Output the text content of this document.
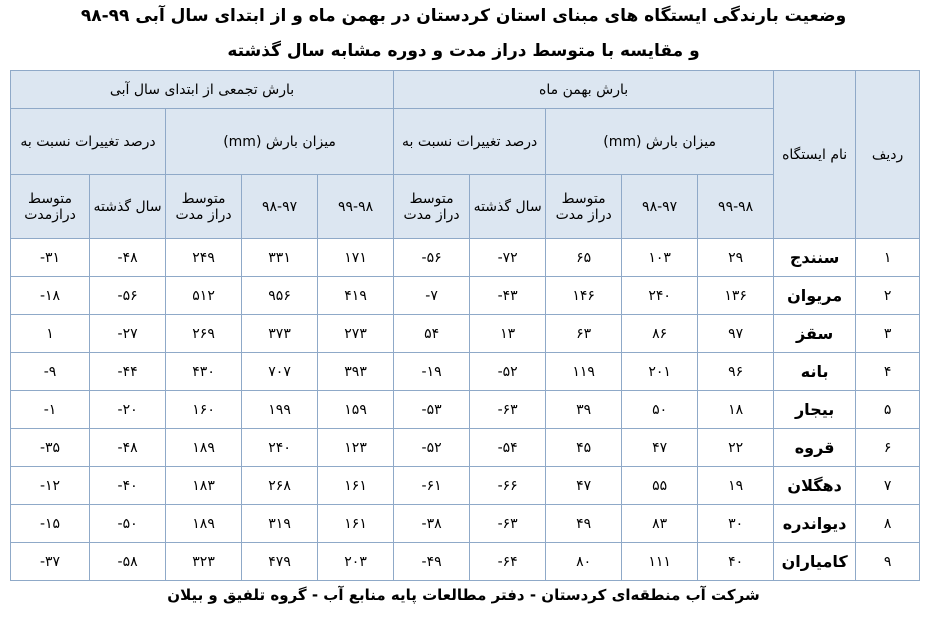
وضعیت بارندگی ایستگاه های مبنای استان کردستان در بهمن ماه و از ابتدای سال آبی ۹۹-۹۸
و مقایسه با متوسط دراز مدت و دوره مشابه سال گذشته
ردیف	نام ایستگاه	بارش بهمن ماه					بارش تجمعی از ابتدای سال آبی				
		میزان بارش (mm)			درصد تغییرات نسبت به		میزان بارش (mm)			درصد تغییرات نسبت به	
		۹۹-۹۸	۹۸-۹۷	متوسط دراز مدت	سال گذشته	متوسط دراز مدت	۹۹-۹۸	۹۸-۹۷	متوسط دراز مدت	سال گذشته	متوسط درازمدت
۱	سنندج	۲۹	۱۰۳	۶۵	-۷۲	-۵۶	۱۷۱	۳۳۱	۲۴۹	-۴۸	-۳۱
۲	مریوان	۱۳۶	۲۴۰	۱۴۶	-۴۳	-۷	۴۱۹	۹۵۶	۵۱۲	-۵۶	-۱۸
۳	سقز	۹۷	۸۶	۶۳	۱۳	۵۴	۲۷۳	۳۷۳	۲۶۹	-۲۷	۱
۴	بانه	۹۶	۲۰۱	۱۱۹	-۵۲	-۱۹	۳۹۳	۷۰۷	۴۳۰	-۴۴	-۹
۵	بیجار	۱۸	۵۰	۳۹	-۶۳	-۵۳	۱۵۹	۱۹۹	۱۶۰	-۲۰	-۱
۶	قروه	۲۲	۴۷	۴۵	-۵۴	-۵۲	۱۲۳	۲۴۰	۱۸۹	-۴۸	-۳۵
۷	دهگلان	۱۹	۵۵	۴۷	-۶۶	-۶۱	۱۶۱	۲۶۸	۱۸۳	-۴۰	-۱۲
۸	دیواندره	۳۰	۸۳	۴۹	-۶۳	-۳۸	۱۶۱	۳۱۹	۱۸۹	-۵۰	-۱۵
۹	کامیاران	۴۰	۱۱۱	۸۰	-۶۴	-۴۹	۲۰۳	۴۷۹	۳۲۳	-۵۸	-۳۷
شرکت آب منطقه‌ای کردستان - دفتر مطالعات پایه منابع آب - گروه تلفیق و بیلان
